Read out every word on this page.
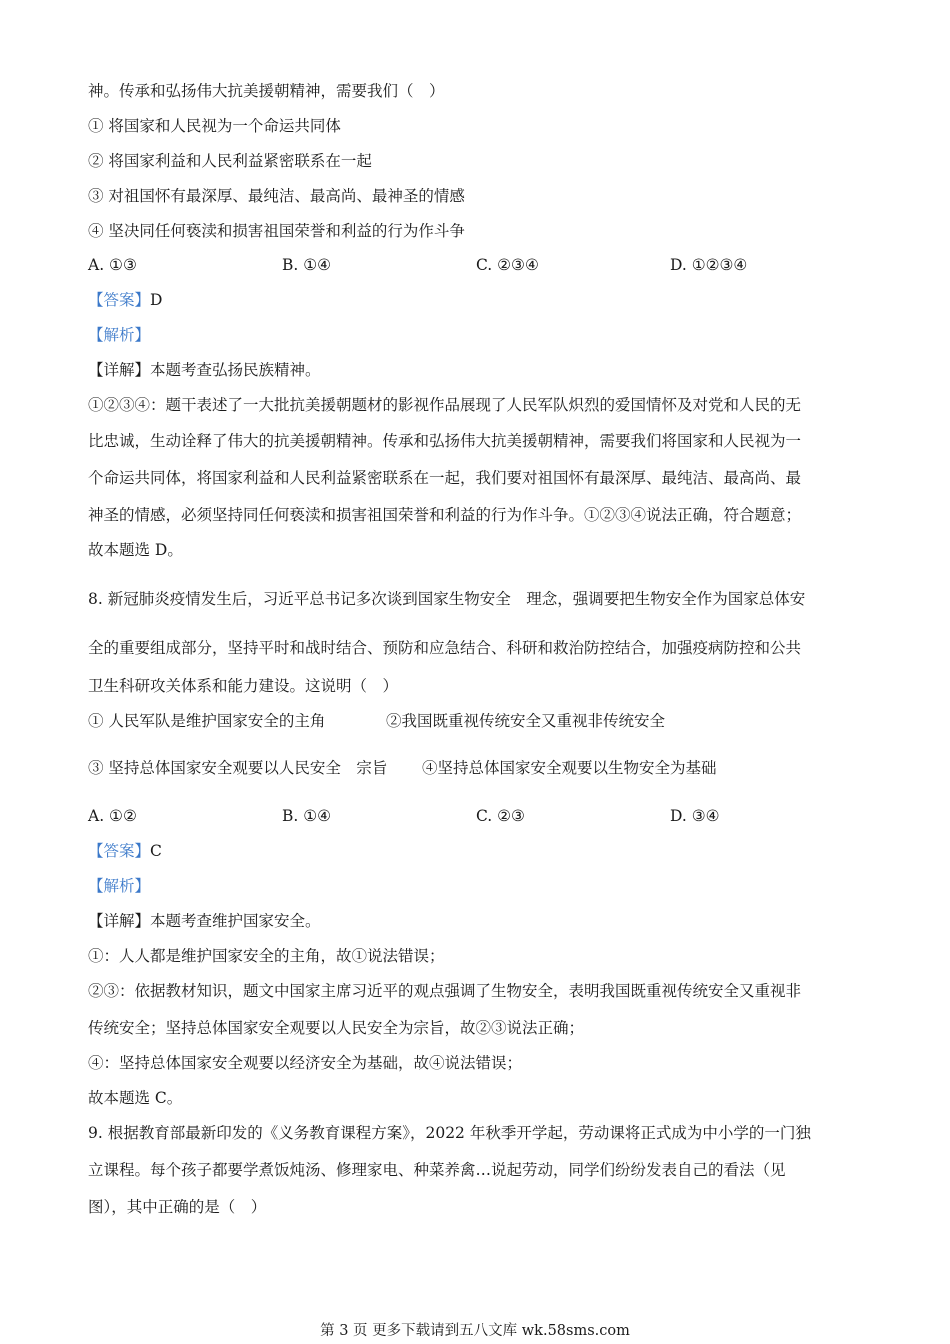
神。传承和弘扬伟大抗美援朝精神，需要我们（　）
① 将国家和人民视为一个命运共同体
② 将国家利益和人民利益紧密联系在一起
③ 对祖国怀有最深厚、最纯洁、最高尚、最神圣的情感
④ 坚决同任何亵渎和损害祖国荣誉和利益的行为作斗争
A. ①③	B. ①④	C. ②③④	D. ①②③④
【答案】D
【解析】
【详解】本题考查弘扬民族精神。
①②③④：题干表述了一大批抗美援朝题材的影视作品展现了人民军队炽烈的爱国情怀及对党和人民的无
比忠诚，生动诠释了伟大的抗美援朝精神。传承和弘扬伟大抗美援朝精神，需要我们将国家和人民视为一
个命运共同体，将国家利益和人民利益紧密联系在一起，我们要对祖国怀有最深厚、最纯洁、最高尚、最
神圣的情感，必须坚持同任何亵渎和损害祖国荣誉和利益的行为作斗争。①②③④说法正确，符合题意；
故本题选 D。
8. 新冠肺炎疫情发生后，习近平总书记多次谈到国家生物安全　理念，强调要把生物安全作为国家总体安
全的重要组成部分，坚持平时和战时结合、预防和应急结合、科研和救治防控结合，加强疫病防控和公共
卫生科研攻关体系和能力建设。这说明（　）
① 人民军队是维护国家安全的主角	②我国既重视传统安全又重视非传统安全
③ 坚持总体国家安全观要以人民安全　宗旨 ④坚持总体国家安全观要以生物安全为基础
A. ①②	B. ①④	C. ②③	D. ③④
【答案】C
【解析】
【详解】本题考查维护国家安全。
①：人人都是维护国家安全的主角，故①说法错误；
②③：依据教材知识，题文中国家主席习近平的观点强调了生物安全，表明我国既重视传统安全又重视非
传统安全；坚持总体国家安全观要以人民安全为宗旨，故②③说法正确；
④：坚持总体国家安全观要以经济安全为基础，故④说法错误；
故本题选 C。
9. 根据教育部最新印发的《义务教育课程方案》，2022 年秋季开学起，劳动课将正式成为中小学的一门独
立课程。每个孩子都要学煮饭炖汤、修理家电、种菜养禽…说起劳动，同学们纷纷发表自己的看法（见
图），其中正确的是（　）
第 3 页 更多下载请到五八文库 wk.58sms.com
